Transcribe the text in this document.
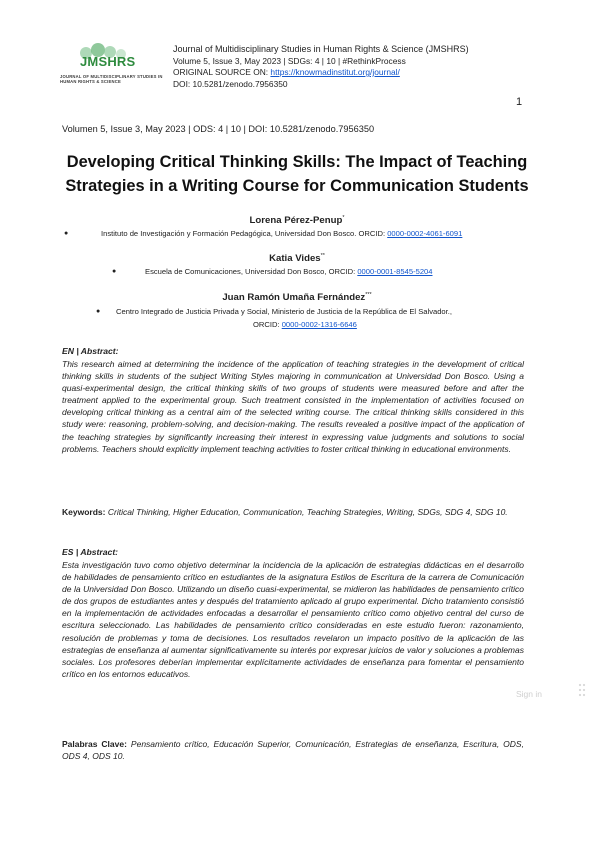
JMSHRS
JOURNAL OF MULTIDISCIPLINARY STUDIES IN HUMAN RIGHTS & SCIENCE
Journal of Multidisciplinary Studies in Human Rights & Science (JMSHRS)
Volume 5, Issue 3, May 2023 | SDGs: 4 | 10 | #RethinkProcess
ORIGINAL SOURCE ON: https://knowmadinstitut.org/journal/
DOI: 10.5281/zenodo.7956350
1
Volumen 5, Issue 3, May 2023 | ODS: 4 | 10 | DOI: 10.5281/zenodo.7956350
Developing Critical Thinking Skills: The Impact of Teaching
Strategies in a Writing Course for Communication Students
Lorena Pérez-Penup*
●	Instituto de Investigación y Formación Pedagógica, Universidad Don Bosco. ORCID: 0000-0002-4061-6091
Katia Vides**
●	Escuela de Comunicaciones, Universidad Don Bosco, ORCID: 0000-0001-8545-5204
Juan Ramón Umaña Fernández***
● Centro Integrado de Justicia Privada y Social, Ministerio de Justicia de la República de El Salvador.,
ORCID: 0000-0002-1316-6646
EN | Abstract:
This research aimed at determining the incidence of the application of teaching strategies in the development of critical thinking skills in students of the subject Writing Styles majoring in communication at Universidad Don Bosco. Using a quasi-experimental design, the critical thinking skills of two groups of students were measured before and after the treatment applied to the experimental group. Such treatment consisted in the implementation of activities focused on developing critical thinking as a central aim of the selected writing course. The critical thinking skills considered in this study were: reasoning, problem-solving, and decision-making. The results revealed a positive impact of the application of the teaching strategies by significantly increasing their interest in expressing value judgments and solutions to social problems. Teachers should explicitly implement teaching activities to foster critical thinking in educational environments.
Keywords: Critical Thinking, Higher Education, Communication, Teaching Strategies, Writing, SDGs, SDG 4, SDG 10.
ES | Abstract:
Esta investigación tuvo como objetivo determinar la incidencia de la aplicación de estrategias didácticas en el desarrollo de habilidades de pensamiento crítico en estudiantes de la asignatura Estilos de Escritura de la carrera de Comunicación de la Universidad Don Bosco. Utilizando un diseño cuasi-experimental, se midieron las habilidades de pensamiento crítico de dos grupos de estudiantes antes y después del tratamiento aplicado al grupo experimental. Dicho tratamiento consistió en la implementación de actividades enfocadas a desarrollar el pensamiento crítico como objetivo central del curso de escritura seleccionado. Las habilidades de pensamiento crítico consideradas en este estudio fueron: razonamiento, resolución de problemas y toma de decisiones. Los resultados revelaron un impacto positivo de la aplicación de las estrategias de enseñanza al aumentar significativamente su interés por expresar juicios de valor y soluciones a problemas sociales. Los profesores deberían implementar explícitamente actividades de enseñanza para fomentar el pensamiento crítico en los entornos educativos.
Palabras Clave: Pensamiento crítico, Educación Superior, Comunicación, Estrategias de enseñanza, Escritura, ODS, ODS 4, ODS 10.
Sign in
